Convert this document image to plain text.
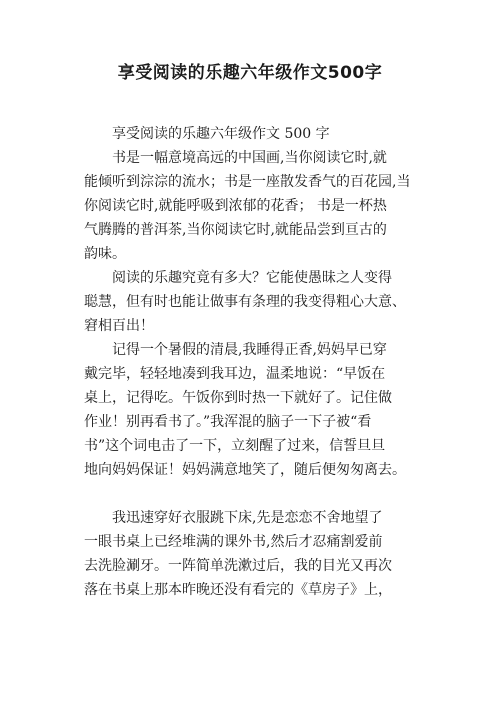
享受阅读的乐趣六年级作文500字
享受阅读的乐趣六年级作文 500 字
书是一幅意境高远的中国画,当你阅读它时,就
能倾听到淙淙的流水；书是一座散发香气的百花园,当
你阅读它时,就能呼吸到浓郁的花香； 书是一杯热
气腾腾的普洱茶,当你阅读它时,就能品尝到亘古的
韵味。
阅读的乐趣究竟有多大？它能使愚昧之人变得
聪慧，但有时也能让做事有条理的我变得粗心大意、
窘相百出！
记得一个暑假的清晨,我睡得正香,妈妈早已穿
戴完毕，轻轻地凑到我耳边，温柔地说：“早饭在
桌上，记得吃。午饭你到时热一下就好了。记住做
作业！别再看书了。”我浑混的脑子一下子被“看
书”这个词电击了一下，立刻醒了过来，信誓旦旦
地向妈妈保证！妈妈满意地笑了，随后便匆匆离去。
我迅速穿好衣服跳下床,先是恋恋不舍地望了
一眼书桌上已经堆满的课外书,然后才忍痛割爱前
去洗脸涮牙。一阵简单洗漱过后，我的目光又再次
落在书桌上那本昨晚还没有看完的《草房子》上，
